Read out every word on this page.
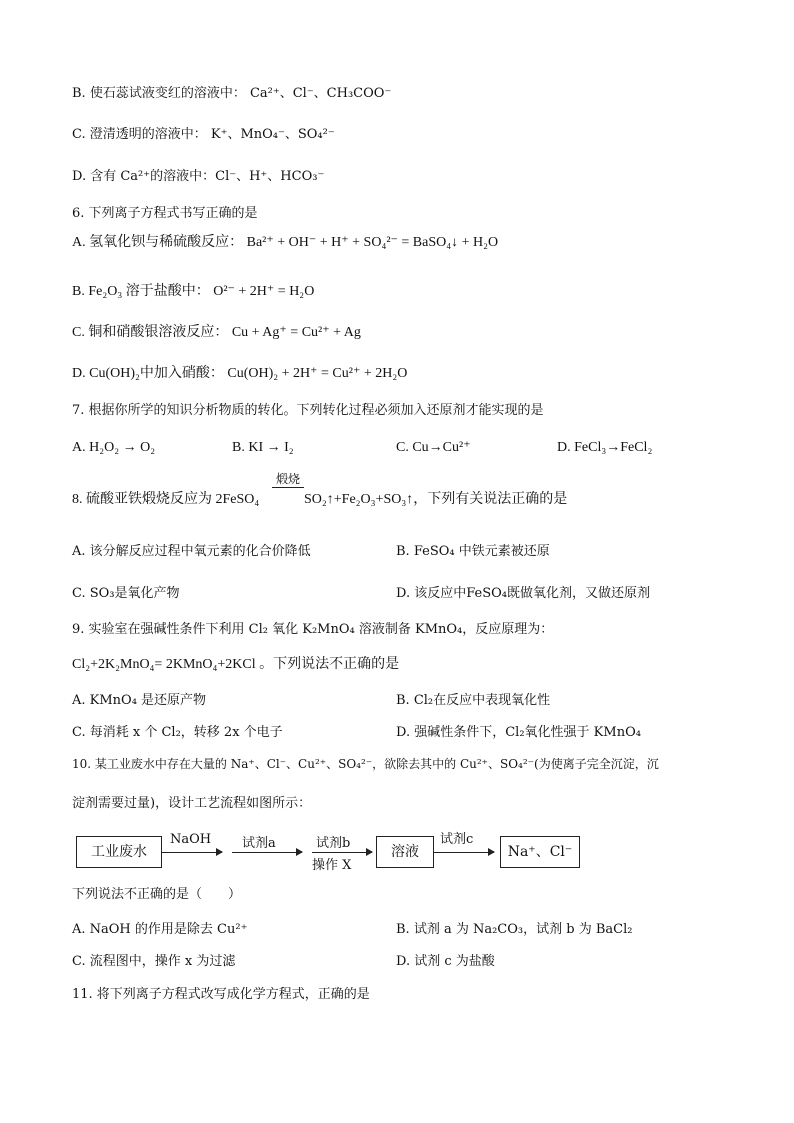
B. 使石蕊试液变红的溶液中： Ca²⁺、Cl⁻、CH₃COO⁻
C. 澄清透明的溶液中： K⁺、MnO₄⁻、SO₄²⁻
D. 含有 Ca²⁺的溶液中：Cl⁻、H⁺、HCO₃⁻
6. 下列离子方程式书写正确的是
A. 氢氧化钡与稀硫酸反应： Ba²⁺ + OH⁻ + H⁺ + SO₄²⁻ = BaSO₄↓ + H₂O
B. Fe₂O₃ 溶于盐酸中： O²⁻ + 2H⁺ = H₂O
C. 铜和硝酸银溶液反应： Cu + Ag⁺ = Cu²⁺ + Ag
D. Cu(OH)₂中加入硝酸： Cu(OH)₂ + 2H⁺ = Cu²⁺ + 2H₂O
7. 根据你所学的知识分析物质的转化。下列转化过程必须加入还原剂才能实现的是
A. H₂O₂ → O₂	B. KI → I₂	C. Cu→Cu²⁺	D. FeCl₃→FeCl₂
8. 硫酸亚铁煅烧反应为 2FeSO₄
煅烧
SO₂↑+Fe₂O₃+SO₃↑，下列有关说法正确的是
A. 该分解反应过程中氧元素的化合价降低	B. FeSO₄ 中铁元素被还原
C. SO₃是氧化产物	D. 该反应中FeSO₄既做氧化剂，又做还原剂
9. 实验室在强碱性条件下利用 Cl₂ 氧化 K₂MnO₄ 溶液制备 KMnO₄，反应原理为：
Cl₂+2K₂MnO₄= 2KMnO₄+2KCl 。下列说法不正确的是
A. KMnO₄ 是还原产物	B. Cl₂在反应中表现氧化性
C. 每消耗 x 个 Cl₂，转移 2x 个电子	D. 强碱性条件下，Cl₂氧化性强于 KMnO₄
10. 某工业废水中存在大量的 Na⁺、Cl⁻、Cu²⁺、SO₄²⁻，欲除去其中的 Cu²⁺、SO₄²⁻(为使离子完全沉淀，沉
淀剂需要过量)，设计工艺流程如图所示：
工业废水
NaOH 试剂a	试剂b
操作 X
溶液
试剂c
Na⁺、Cl⁻
下列说法不正确的是（　　）
A. NaOH 的作用是除去 Cu²⁺	B. 试剂 a 为 Na₂CO₃，试剂 b 为 BaCl₂
C. 流程图中，操作 x 为过滤	D. 试剂 c 为盐酸
11. 将下列离子方程式改写成化学方程式，正确的是
